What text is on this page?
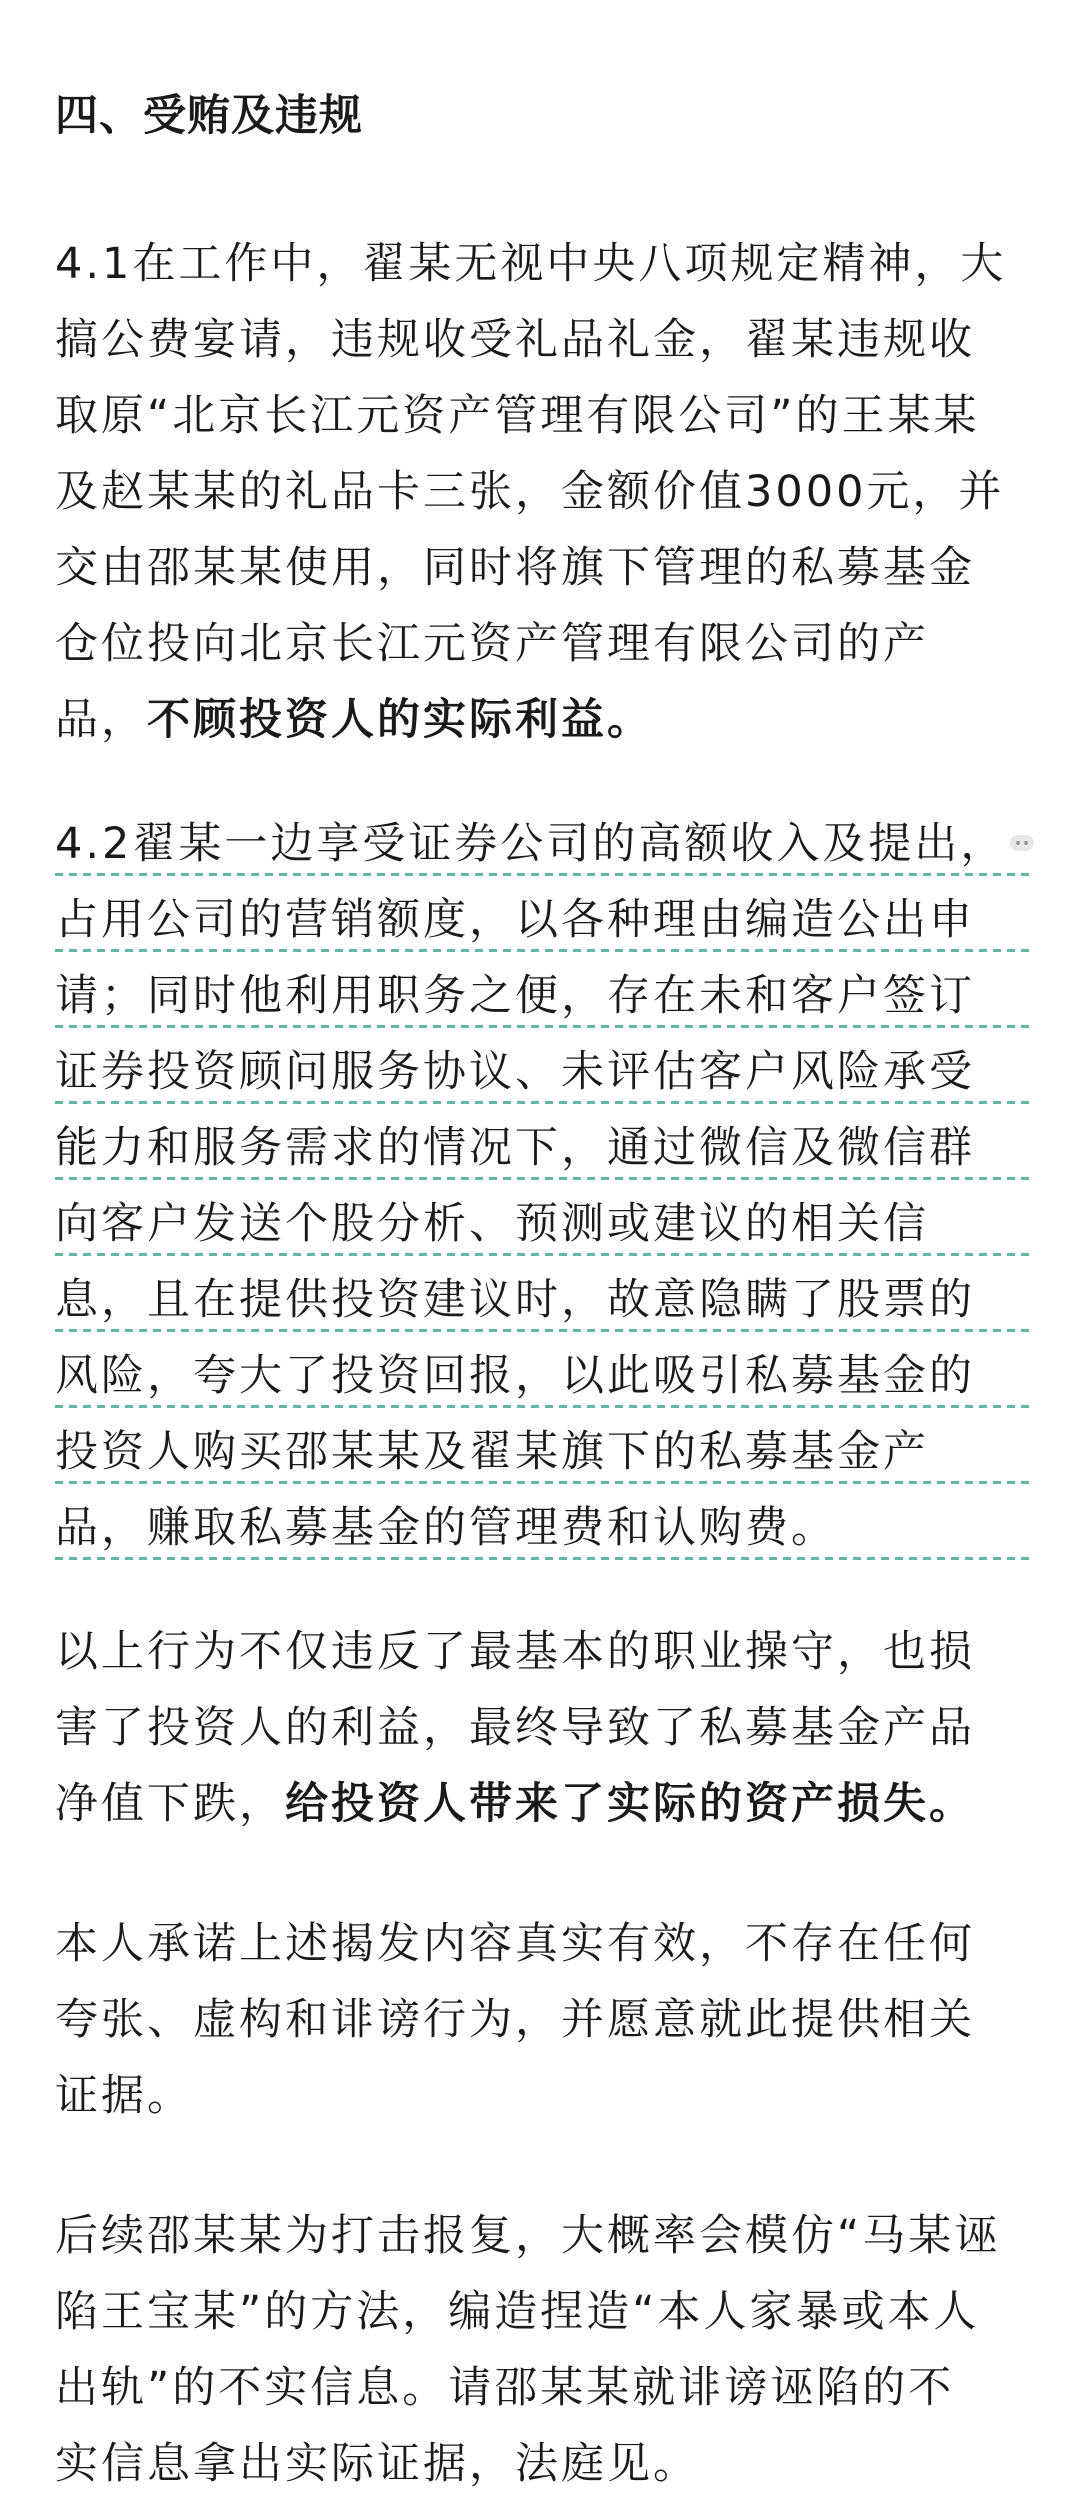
四、受贿及违规
4.1在工作中，翟某无视中央八项规定精神，大
搞公费宴请，违规收受礼品礼金，翟某违规收
取原“北京长江元资产管理有限公司”的王某某
及赵某某的礼品卡三张，金额价值3000元，并
交由邵某某使用，同时将旗下管理的私募基金
仓位投向北京长江元资产管理有限公司的产
品，不顾投资人的实际利益。
4.2翟某一边享受证券公司的高额收入及提出，
占用公司的营销额度，以各种理由编造公出申
请；同时他利用职务之便，存在未和客户签订
证券投资顾问服务协议、未评估客户风险承受
能力和服务需求的情况下，通过微信及微信群
向客户发送个股分析、预测或建议的相关信
息，且在提供投资建议时，故意隐瞒了股票的
风险，夸大了投资回报，以此吸引私募基金的
投资人购买邵某某及翟某旗下的私募基金产
品，赚取私募基金的管理费和认购费。
以上行为不仅违反了最基本的职业操守，也损
害了投资人的利益，最终导致了私募基金产品
净值下跌，给投资人带来了实际的资产损失。
本人承诺上述揭发内容真实有效，不存在任何
夸张、虚构和诽谤行为，并愿意就此提供相关
证据。
后续邵某某为打击报复，大概率会模仿“马某诬
陷王宝某”的方法，编造捏造“本人家暴或本人
出轨”的不实信息。请邵某某就诽谤诬陷的不
实信息拿出实际证据，法庭见。
